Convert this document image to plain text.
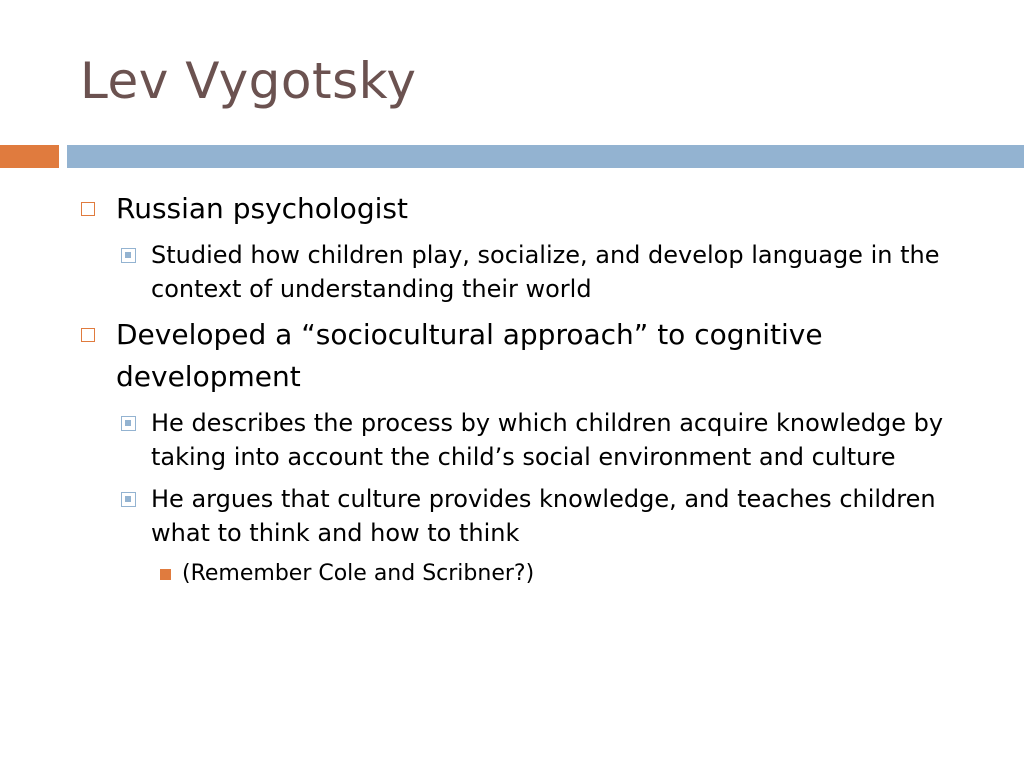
Lev Vygotsky
Russian psychologist
Studied how children play, socialize, and develop language in the context of understanding their world
Developed a “sociocultural approach” to cognitive development
He describes the process by which children acquire knowledge by taking into account the child’s social environment and culture
He argues that culture provides knowledge, and teaches children what to think and how to think
(Remember Cole and Scribner?)
